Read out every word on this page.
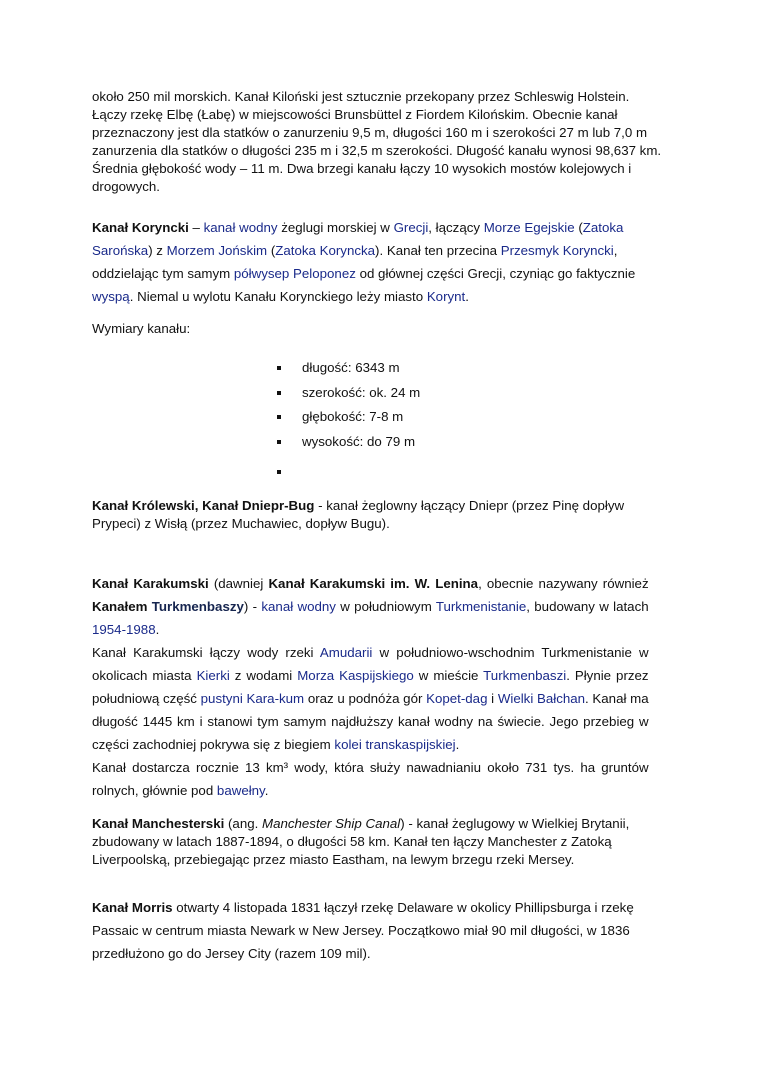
około 250 mil morskich. Kanał Kiloński jest sztucznie przekopany przez Schleswig Holstein.
Łączy rzekę Elbę (Łabę) w miejscowości Brunsbüttel z Fiordem Kilońskim. Obecnie kanał
przeznaczony jest dla statków o zanurzeniu 9,5 m, długości 160 m i szerokości 27 m lub 7,0 m
zanurzenia dla statków o długości 235 m i 32,5 m szerokości. Długość kanału wynosi 98,637 km.
Średnia głębokość wody – 11 m. Dwa brzegi kanału łączy 10 wysokich mostów kolejowych i
drogowych.
Kanał Koryncki – kanał wodny żeglugi morskiej w Grecji, łączący Morze Egejskie (Zatoka
Sarońska) z Morzem Jońskim (Zatoka Koryncka). Kanał ten przecina Przesmyk Koryncki,
oddzielając tym samym półwysep Peloponez od głównej części Grecji, czyniąc go faktycznie
wyspą. Niemal u wylotu Kanału Korynckiego leży miasto Korynt.
Wymiary kanału:
długość: 6343 m
szerokość: ok. 24 m
głębokość: 7-8 m
wysokość: do 79 m

Kanał Królewski, Kanał Dniepr-Bug - kanał żeglowny łączący Dniepr (przez Pinę dopływ
Prypeci) z Wisłą (przez Muchawiec, dopływ Bugu).
Kanał Karakumski (dawniej Kanał Karakumski im. W. Lenina, obecnie nazywany również
Kanałem Turkmenbaszy) - kanał wodny w południowym Turkmenistanie, budowany w latach
1954-1988.
Kanał Karakumski łączy wody rzeki Amudarii w południowo-wschodnim Turkmenistanie w
okolicach miasta Kierki z wodami Morza Kaspijskiego w mieście Turkmenbaszi. Płynie przez
południową część pustyni Kara-kum oraz u podnóża gór Kopet-dag i Wielki Bałchan. Kanał ma
długość 1445 km i stanowi tym samym najdłuższy kanał wodny na świecie. Jego przebieg w
części zachodniej pokrywa się z biegiem kolei transkaspijskiej.
Kanał dostarcza rocznie 13 km³ wody, która służy nawadnianiu około 731 tys. ha gruntów
rolnych, głównie pod bawełny.
Kanał Manchesterski (ang. Manchester Ship Canal) - kanał żeglugowy w Wielkiej Brytanii,
zbudowany w latach 1887-1894, o długości 58 km. Kanał ten łączy Manchester z Zatoką
Liverpoolską, przebiegając przez miasto Eastham, na lewym brzegu rzeki Mersey.
Kanał Morris otwarty 4 listopada 1831 łączył rzekę Delaware w okolicy Phillipsburga i rzekę
Passaic w centrum miasta Newark w New Jersey. Początkowo miał 90 mil długości, w 1836
przedłużono go do Jersey City (razem 109 mil).
